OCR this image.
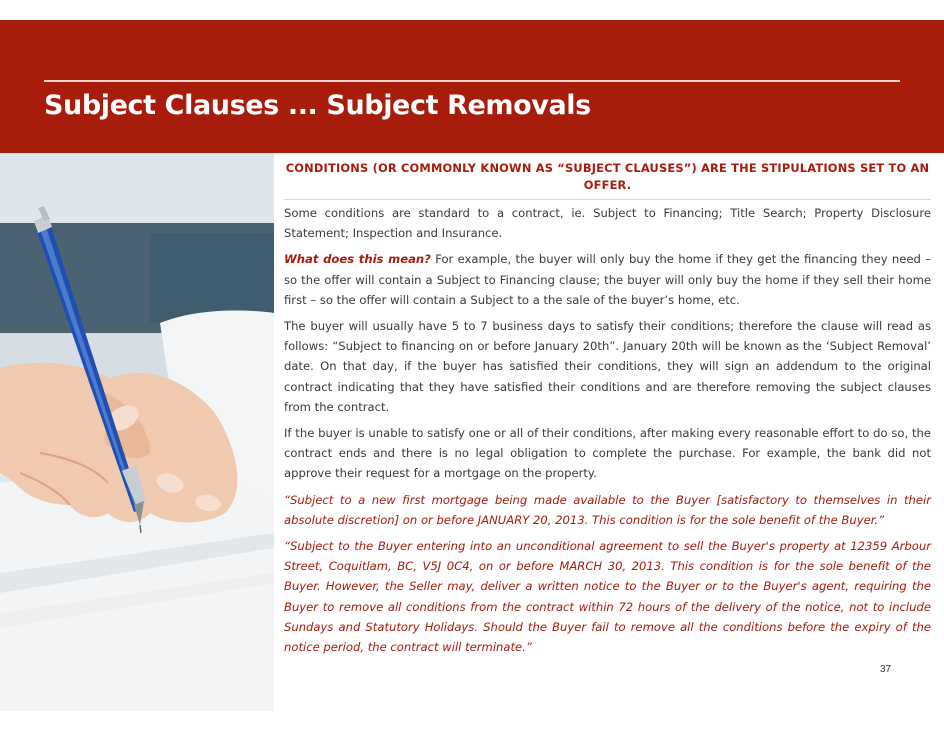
Subject Clauses ... Subject Removals
CONDITIONS (OR COMMONLY KNOWN AS “SUBJECT CLAUSES”) ARE THE STIPULATIONS SET TO AN OFFER.

Some conditions are standard to a contract, ie. Subject to Financing; Title Search; Property Disclosure Statement; Inspection and Insurance.

What does this mean? For example, the buyer will only buy the home if they get the financing they need – so the offer will contain a Subject to Financing clause; the buyer will only buy the home if they sell their home first – so the offer will contain a Subject to a the sale of the buyer’s home, etc.

The buyer will usually have 5 to 7 business days to satisfy their conditions; therefore the clause will read as follows: “Subject to financing on or before January 20th”. January 20th will be known as the ‘Subject Removal’ date. On that day, if the buyer has satisfied their conditions, they will sign an addendum to the original contract indicating that they have satisfied their conditions and are therefore removing the subject clauses from the contract.

If the buyer is unable to satisfy one or all of their conditions, after making every reasonable effort to do so, the contract ends and there is no legal obligation to complete the purchase. For example, the bank did not approve their request for a mortgage on the property.

“Subject to a new first mortgage being made available to the Buyer [satisfactory to themselves in their absolute discretion] on or before JANUARY 20, 2013. This condition is for the sole benefit of the Buyer.”

“Subject to the Buyer entering into an unconditional agreement to sell the Buyer's property at 12359 Arbour Street, Coquitlam, BC, V5J 0C4, on or before MARCH 30, 2013. This condition is for the sole benefit of the Buyer. However, the Seller may, deliver a written notice to the Buyer or to the Buyer's agent, requiring the Buyer to remove all conditions from the contract within 72 hours of the delivery of the notice, not to include Sundays and Statutory Holidays. Should the Buyer fail to remove all the conditions before the expiry of the notice period, the contract will terminate.”

37
